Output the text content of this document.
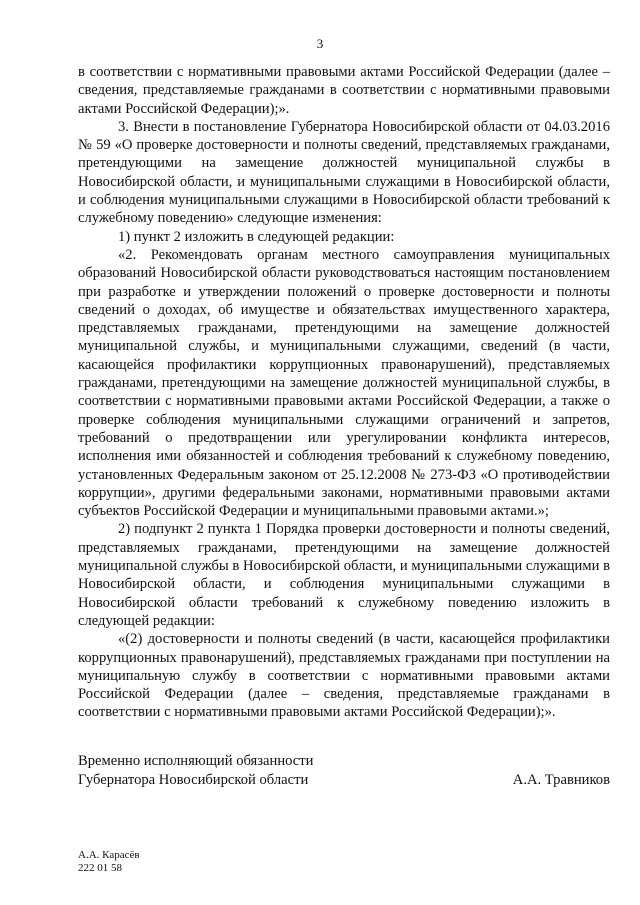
3

в соответствии с нормативными правовыми актами Российской Федерации (далее – сведения, представляемые гражданами в соответствии с нормативными правовыми актами Российской Федерации);».

3. Внести в постановление Губернатора Новосибирской области от 04.03.2016 № 59 «О проверке достоверности и полноты сведений, представляемых гражданами, претендующими на замещение должностей муниципальной службы в Новосибирской области, и муниципальными служащими в Новосибирской области, и соблюдения муниципальными служащими в Новосибирской области требований к служебному поведению» следующие изменения:

1) пункт 2 изложить в следующей редакции:

«2. Рекомендовать органам местного самоуправления муниципальных образований Новосибирской области руководствоваться настоящим постановлением при разработке и утверждении положений о проверке достоверности и полноты сведений о доходах, об имуществе и обязательствах имущественного характера, представляемых гражданами, претендующими на замещение должностей муниципальной службы, и муниципальными служащими, сведений (в части, касающейся профилактики коррупционных правонарушений), представляемых гражданами, претендующими на замещение должностей муниципальной службы, в соответствии с нормативными правовыми актами Российской Федерации, а также о проверке соблюдения муниципальными служащими ограничений и запретов, требований о предотвращении или урегулировании конфликта интересов, исполнения ими обязанностей и соблюдения требований к служебному поведению, установленных Федеральным законом от 25.12.2008 № 273-ФЗ «О противодействии коррупции», другими федеральными законами, нормативными правовыми актами субъектов Российской Федерации и муниципальными правовыми актами.»;

2) подпункт 2 пункта 1 Порядка проверки достоверности и полноты сведений, представляемых гражданами, претендующими на замещение должностей муниципальной службы в Новосибирской области, и муниципальными служащими в Новосибирской области, и соблюдения муниципальными служащими в Новосибирской области требований к служебному поведению изложить в следующей редакции:

«(2) достоверности и полноты сведений (в части, касающейся профилактики коррупционных правонарушений), представляемых гражданами при поступлении на муниципальную службу в соответствии с нормативными правовыми актами Российской Федерации (далее – сведения, представляемые гражданами в соответствии с нормативными правовыми актами Российской Федерации);».

Временно исполняющий обязанности
Губернатора Новосибирской области	А.А. Травников
А.А. Карасёв
222 01 58
